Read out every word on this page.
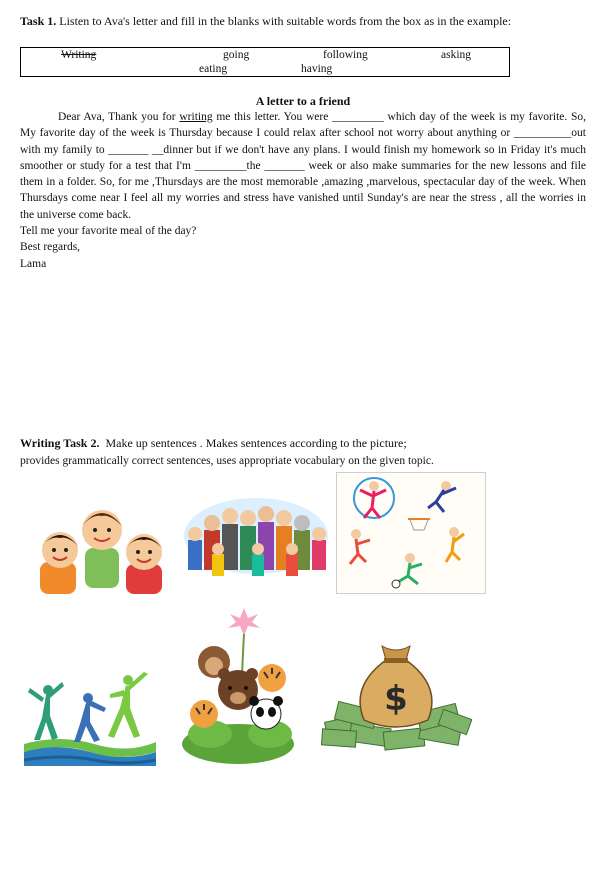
Task 1. Listen to Ava's letter and fill in the blanks with suitable words from the box as in the example:
Writing	going	following	asking
eating	having
A letter to a friend

Dear Ava, Thank you for writing me this letter. You were _________ which day of the week is my favorite. So, My favorite day of the week is Thursday because I could relax after school not worry about anything or __________out with my family to _______ __dinner but if we don't have any plans. I would finish my homework so in Friday it's much smoother or study for a test that I'm _________the _______ week or also make summaries for the new lessons and file them in a folder. So, for me ,Thursdays are the most memorable ,amazing ,marvelous, spectacular day of the week. When Thursdays come near I feel all my worries and stress have vanished until Sunday's are near the stress , all the worries in the universe come back.

Tell me your favorite meal of the day?

Best regards,

Lama

Writing Task 2. Make up sentences . Makes sentences according to the picture;
provides grammatically correct sentences, uses appropriate vocabulary on the given topic.
$
